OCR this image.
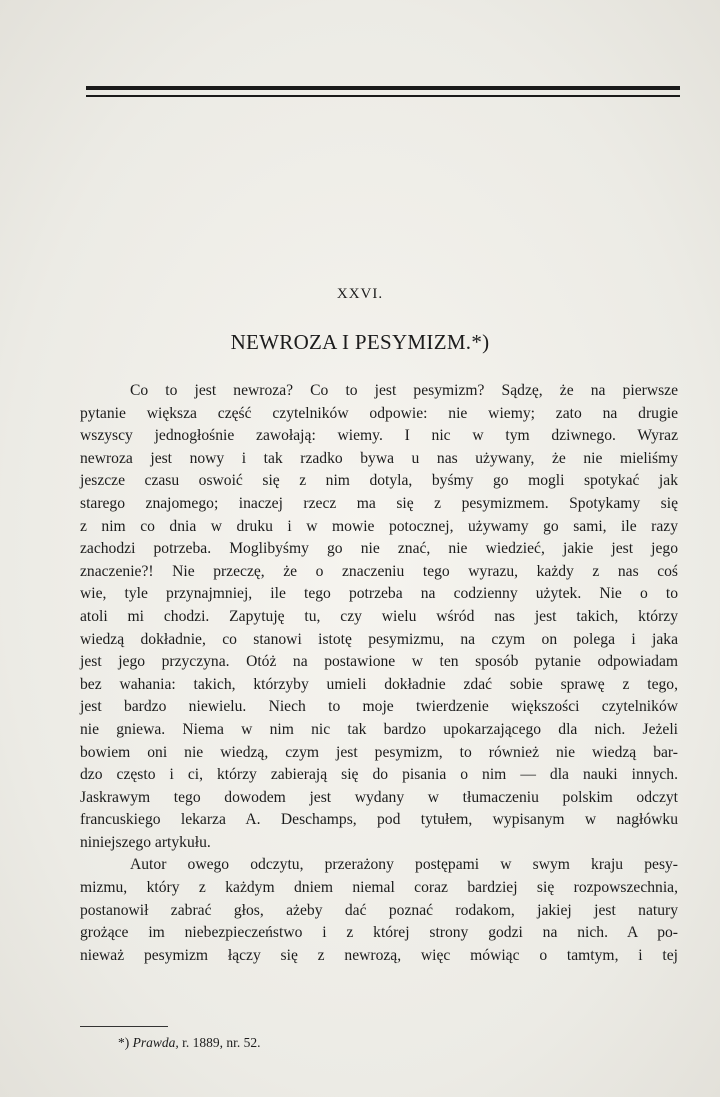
XXVI.
NEWROZA I PESYMIZM.*)
Co to jest newroza? Co to jest pesymizm? Sądzę, że na pierwsze
pytanie większa część czytelników odpowie: nie wiemy; zato na drugie
wszyscy jednogłośnie zawołają: wiemy. I nic w tym dziwnego. Wyraz
newroza jest nowy i tak rzadko bywa u nas używany, że nie mieliśmy
jeszcze czasu oswoić się z nim dotyla, byśmy go mogli spotykać jak
starego znajomego; inaczej rzecz ma się z pesymizmem. Spotykamy się
z nim co dnia w druku i w mowie potocznej, używamy go sami, ile razy
zachodzi potrzeba. Moglibyśmy go nie znać, nie wiedzieć, jakie jest jego
znaczenie?! Nie przeczę, że o znaczeniu tego wyrazu, każdy z nas coś
wie, tyle przynajmniej, ile tego potrzeba na codzienny użytek. Nie o to
atoli mi chodzi. Zapytuję tu, czy wielu wśród nas jest takich, którzy
wiedzą dokładnie, co stanowi istotę pesymizmu, na czym on polega i jaka
jest jego przyczyna. Otóż na postawione w ten sposób pytanie odpowiadam
bez wahania: takich, którzyby umieli dokładnie zdać sobie sprawę z tego,
jest bardzo niewielu. Niech to moje twierdzenie większości czytelników
nie gniewa. Niema w nim nic tak bardzo upokarzającego dla nich. Jeżeli
bowiem oni nie wiedzą, czym jest pesymizm, to również nie wiedzą bar-
dzo często i ci, którzy zabierają się do pisania o nim — dla nauki innych.
Jaskrawym tego dowodem jest wydany w tłumaczeniu polskim odczyt
francuskiego lekarza A. Deschamps, pod tytułem, wypisanym w nagłówku
niniejszego artykułu.
Autor owego odczytu, przerażony postępami w swym kraju pesy-
mizmu, który z każdym dniem niemal coraz bardziej się rozpowszechnia,
postanowił zabrać głos, ażeby dać poznać rodakom, jakiej jest natury
grożące im niebezpieczeństwo i z której strony godzi na nich. A po-
nieważ pesymizm łączy się z newrozą, więc mówiąc o tamtym, i tej
*) Prawda, r. 1889, nr. 52.
